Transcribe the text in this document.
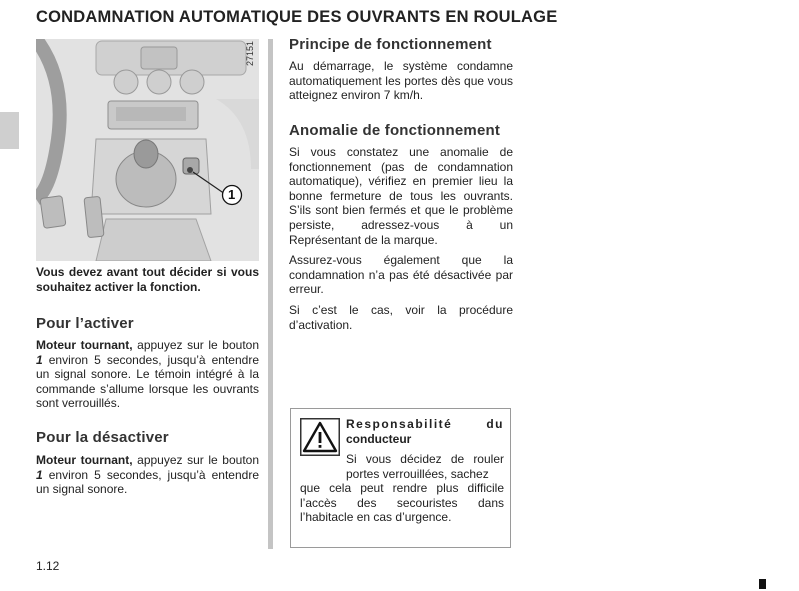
CONDAMNATION AUTOMATIQUE DES OUVRANTS EN ROULAGE
1
27151

Vous devez avant tout décider si vous souhaitez activer la fonction.

Pour l’activer

Moteur tournant, appuyez sur le bouton 1 environ 5 secondes, jusqu’à entendre un signal sonore. Le témoin intégré à la commande s’allume lorsque les ouvrants sont verrouillés.

Pour la désactiver

Moteur tournant, appuyez sur le bouton 1 environ 5 secondes, jusqu’à entendre un signal sonore.

Principe de fonctionnement

Au démarrage, le système condamne automatiquement les portes dès que vous atteignez environ 7 km/h.

Anomalie de fonctionnement

Si vous constatez une anomalie de fonctionnement (pas de condamnation automatique), vérifiez en premier lieu la bonne fermeture de tous les ouvrants. S’ils sont bien fermés et que le problème persiste, adressez-vous à un Représentant de la marque.

Assurez-vous également que la condamnation n’a pas été désactivée par erreur.

Si c’est le cas, voir la procédure d’activation.

Responsabilité	du
conducteur

Si vous décidez de rouler portes verrouillées, sachez

que cela peut rendre plus difficile l’accès des secouristes dans l’habitacle en cas d’urgence.

1.12
